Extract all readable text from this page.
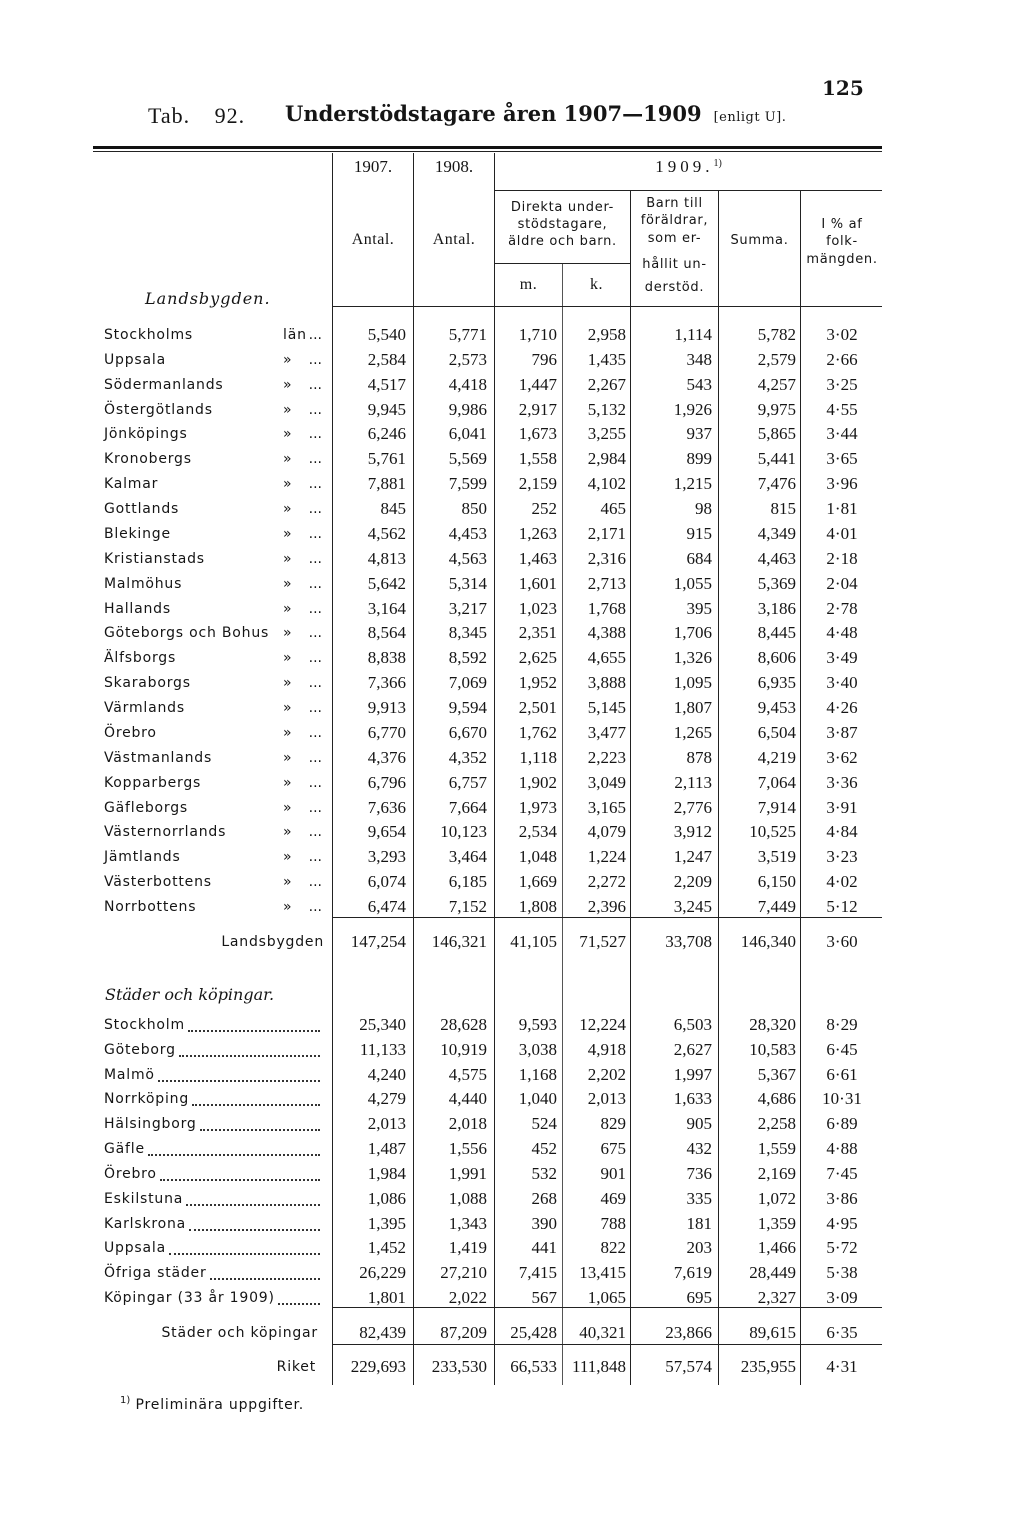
125
Tab. 92. Understödstagare åren 1907—1909 [enligt U].
1907.	1908.	1909.$^{1)}$
Antal.	Antal.
Direkta under-
stödstagare,
äldre och barn.
m.	k.
Barn till
föräldrar,
som er-
hållit un-
derstöd.
Summa.
I % af
folk-
mängden.
Landsbygden.
Städer och köpingar.
Stockholms	län ...	5,540	5,771	1,710	2,958	1,114	5,782	3·02
Uppsala	»	...	2,584	2,573	796	1,435	348	2,579	2·66
Södermanlands	»	...	4,517	4,418	1,447	2,267	543	4,257	3·25
Östergötlands	»	...	9,945	9,986	2,917	5,132	1,926	9,975	4·55
Jönköpings	»	...	6,246	6,041	1,673	3,255	937	5,865	3·44
Kronobergs	»	...	5,761	5,569	1,558	2,984	899	5,441	3·65
Kalmar	»	...	7,881	7,599	2,159	4,102	1,215	7,476	3·96
Gottlands	»	...	845	850	252	465	98	815	1·81
Blekinge	»	...	4,562	4,453	1,263	2,171	915	4,349	4·01
Kristianstads	»	...	4,813	4,563	1,463	2,316	684	4,463	2·18
Malmöhus	»	...	5,642	5,314	1,601	2,713	1,055	5,369	2·04
Hallands	»	...	3,164	3,217	1,023	1,768	395	3,186	2·78
Göteborgs och Bohus »	...	8,564	8,345	2,351	4,388	1,706	8,445	4·48
Älfsborgs	»	...	8,838	8,592	2,625	4,655	1,326	8,606	3·49
Skaraborgs	»	...	7,366	7,069	1,952	3,888	1,095	6,935	3·40
Värmlands	»	...	9,913	9,594	2,501	5,145	1,807	9,453	4·26
Örebro	»	...	6,770	6,670	1,762	3,477	1,265	6,504	3·87
Västmanlands	»	...	4,376	4,352	1,118	2,223	878	4,219	3·62
Kopparbergs	»	...	6,796	6,757	1,902	3,049	2,113	7,064	3·36
Gäfleborgs	»	...	7,636	7,664	1,973	3,165	2,776	7,914	3·91
Västernorrlands	»	...	9,654	10,123	2,534	4,079	3,912	10,525	4·84
Jämtlands	»	...	3,293	3,464	1,048	1,224	1,247	3,519	3·23
Västerbottens	»	...	6,074	6,185	1,669	2,272	2,209	6,150	4·02
Norrbottens	»	...	6,474	7,152	1,808	2,396	3,245	7,449	5·12
Stockholm	25,340	28,628	9,593	12,224	6,503	28,320	8·29
Göteborg	11,133	10,919	3,038	4,918	2,627	10,583	6·45
Malmö	4,240	4,575	1,168	2,202	1,997	5,367	6·61
Norrköping	4,279	4,440	1,040	2,013	1,633	4,686	10·31
Hälsingborg	2,013	2,018	524	829	905	2,258	6·89
Gäfle	1,487	1,556	452	675	432	1,559	4·88
Örebro	1,984	1,991	532	901	736	2,169	7·45
Eskilstuna	1,086	1,088	268	469	335	1,072	3·86
Karlskrona	1,395	1,343	390	788	181	1,359	4·95
Uppsala	1,452	1,419	441	822	203	1,466	5·72
Öfriga städer	26,229	27,210	7,415	13,415	7,619	28,449	5·38
Köpingar (33 år 1909)	1,801	2,022	567	1,065	695	2,327	3·09
Landsbygden	147,254	146,321	41,105	71,527	33,708	146,340	3·60
Städer och köpingar	82,439	87,209	25,428	40,321	23,866	89,615	6·35
Riket	229,693	233,530	66,533 111,848	57,574	235,955	4·31
$^{1)}$ Preliminära uppgifter.
